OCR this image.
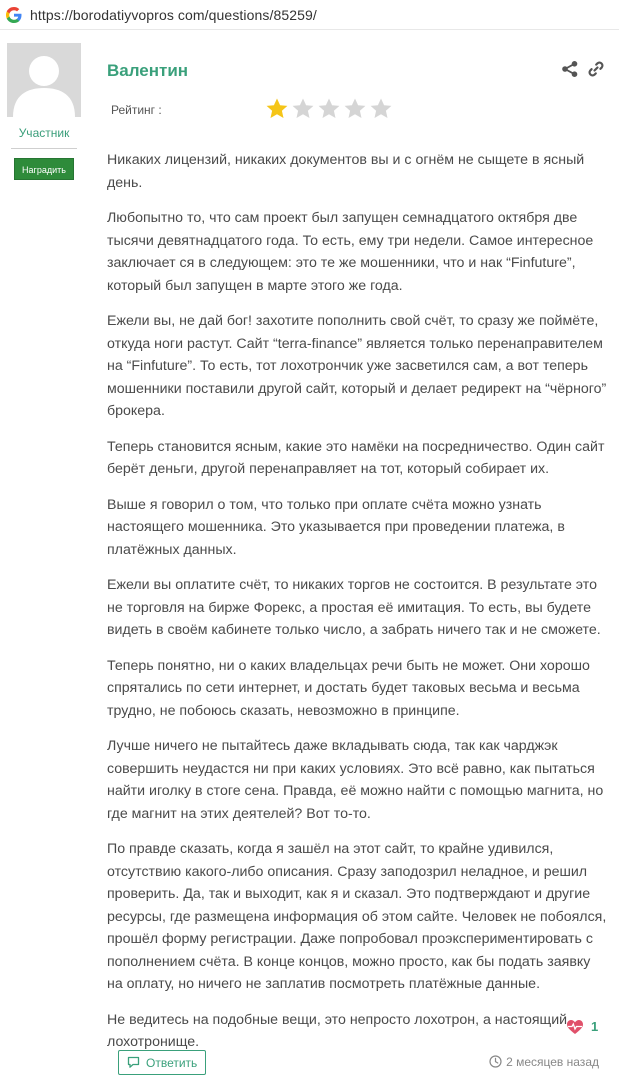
https://borodatiyvopros com/questions/85259/
Участник
Наградить
Валентин
Рейтинг :

Никаких лицензий, никаких документов вы и с огнём не сыщете в ясный день.

Любопытно то, что сам проект был запущен семнадцатого октября две тысячи девятнадцатого года. То есть, ему три недели. Самое интересное заключает ся в следующем: это те же мошенники, что и нак “Finfuture”, который был запущен в марте этого же года.

Ежели вы, не дай бог! захотите пополнить свой счёт, то сразу же поймёте, откуда ноги растут. Сайт “terra-finance” является только перенаправителем на “Finfuture”. То есть, тот лохотрончик уже засветился сам, а вот теперь мошенники поставили другой сайт, который и делает редирект на “чёрного” брокера.

Теперь становится ясным, какие это намёки на посредничество. Один сайт берёт деньги, другой перенаправляет на тот, который собирает их.

Выше я говорил о том, что только при оплате счёта можно узнать настоящего мошенника. Это указывается при проведении платежа, в платёжных данных.

Ежели вы оплатите счёт, то никаких торгов не состоится. В результате это не торговля на бирже Форекс, а простая её имитация. То есть, вы будете видеть в своём кабинете только число, а забрать ничего так и не сможете.

Теперь понятно, ни о каких владельцах речи быть не может. Они хорошо спрятались по сети интернет, и достать будет таковых весьма и весьма трудно, не побоюсь сказать, невозможно в принципе.

Лучше ничего не пытайтесь даже вкладывать сюда, так как чарджэк совершить неудастся ни при каких условиях. Это всё равно, как пытаться найти иголку в стоге сена. Правда, её можно найти с помощью магнита, но где магнит на этих деятелей? Вот то-то.

По правде сказать, когда я зашёл на этот сайт, то крайне удивился, отсутствию какого-либо описания. Сразу заподозрил неладное, и решил проверить. Да, так и выходит, как я и сказал. Это подтверждают и другие ресурсы, где размещена информация об этом сайте. Человек не побоялся, прошёл форму регистрации. Даже попробовал проэкспериментировать с пополнением счёта. В конце концов, можно просто, как бы подать заявку на оплату, но ничего не заплатив посмотреть платёжные данные.

Не ведитесь на подобные вещи, это непросто лохотрон, а настоящий лохотронище.

1
Ответить	2 месяцев назад
